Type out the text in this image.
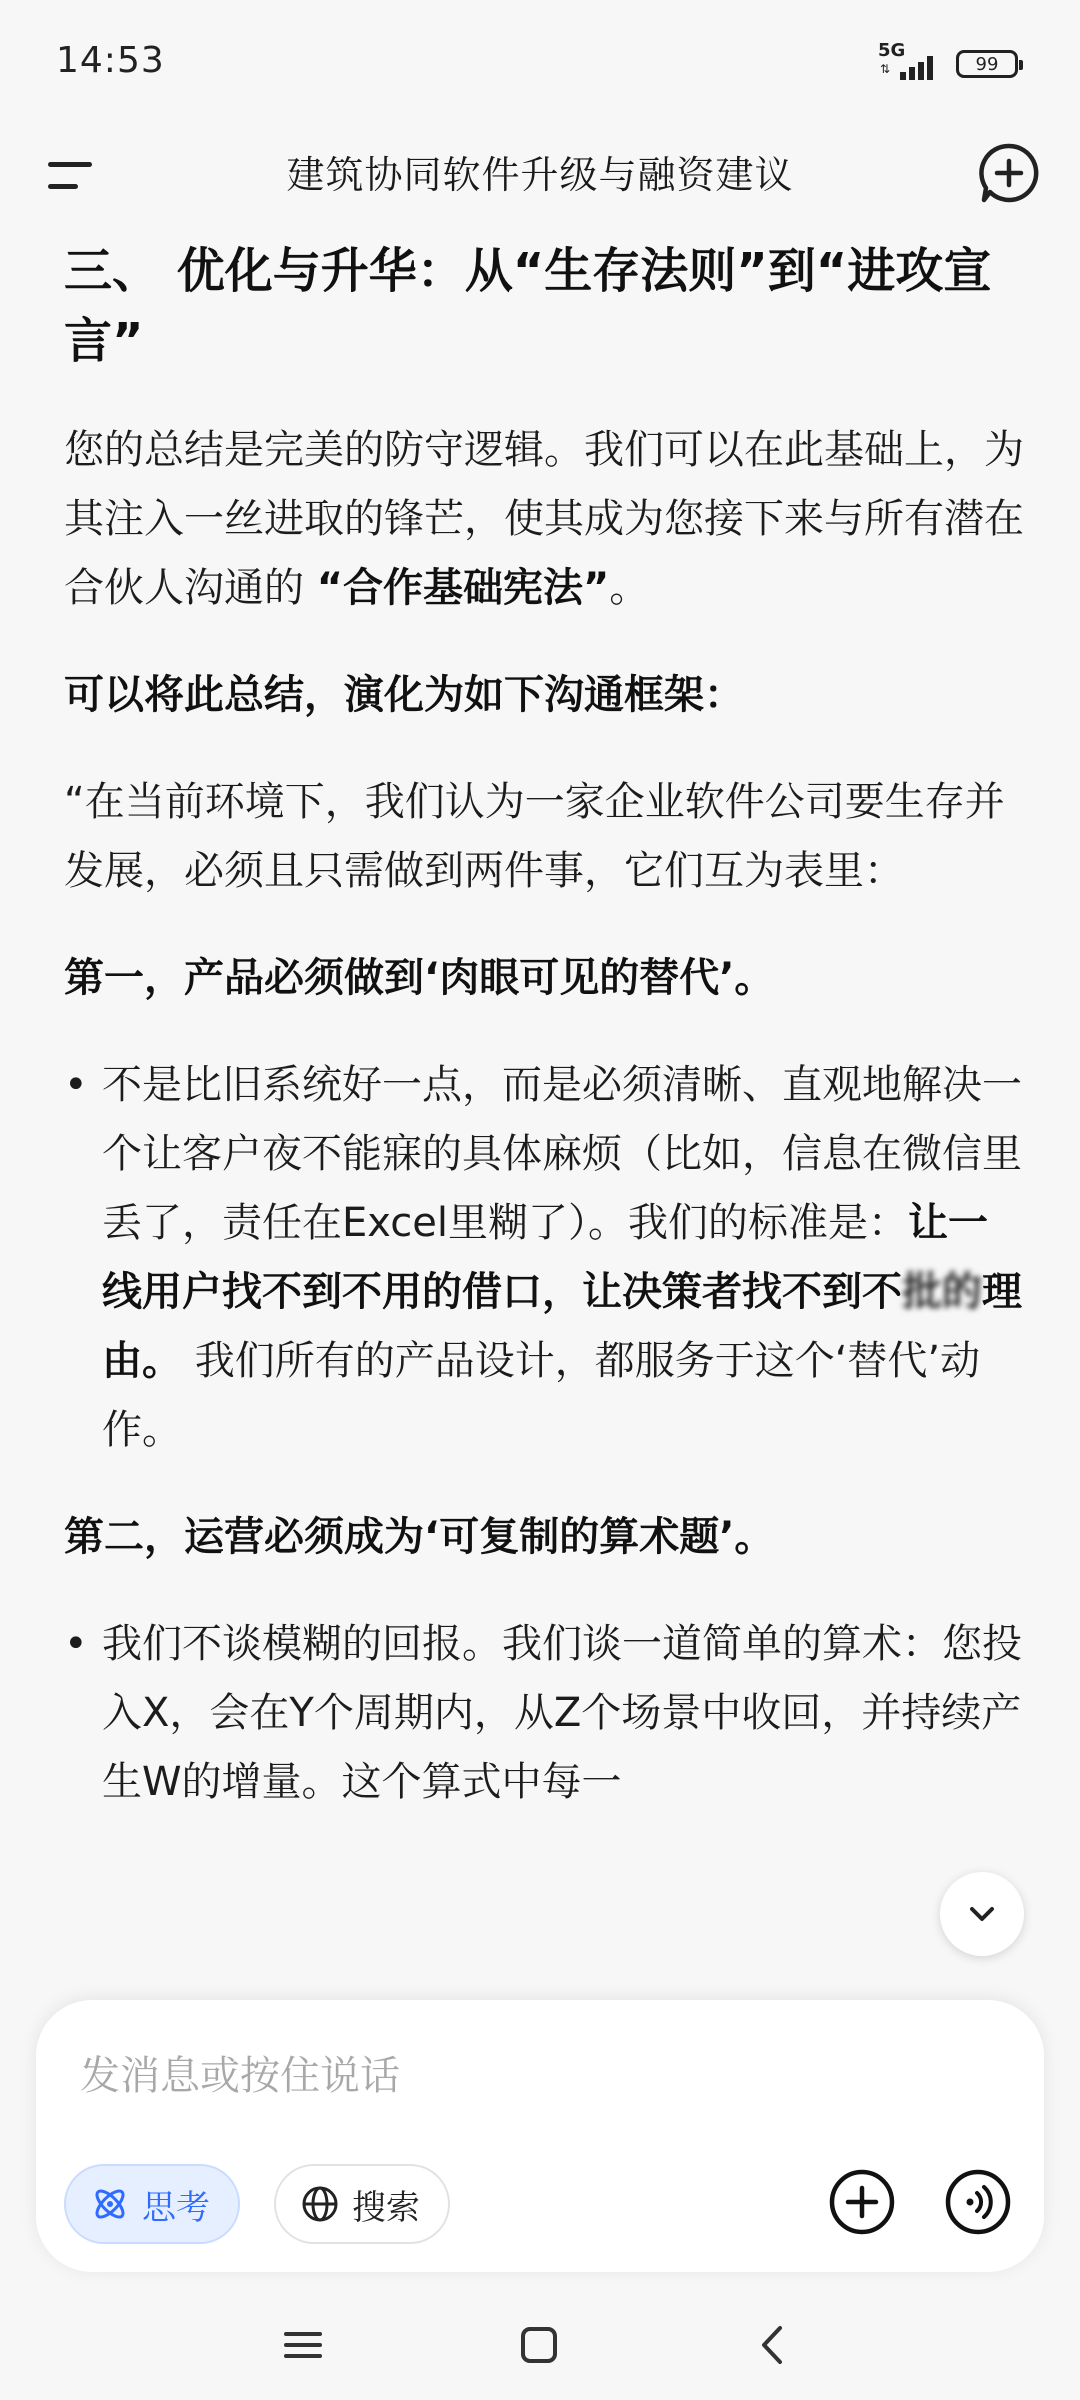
14:53	5G
⇅	99
建筑协同软件升级与融资建议
三、 优化与升华：从“生存法则”到“进攻宣言”
您的总结是完美的防守逻辑。我们可以在此基础上，为其注入一丝进取的锋芒，使其成为您接下来与所有潜在合伙人沟通的 “合作基础宪法”。
可以将此总结，演化为如下沟通框架：
“在当前环境下，我们认为一家企业软件公司要生存并发展，必须且只需做到两件事，它们互为表里：
第一，产品必须做到‘肉眼可见的替代’。
• 不是比旧系统好一点，而是必须清晰、直观地解决一个让客户夜不能寐的具体麻烦（比如，信息在微信里丢了，责任在Excel里糊了）。我们的标准是：让一线用户找不到不用的借口，让决策者找不到不批的理由。 我们所有的产品设计，都服务于这个‘替代’动作。
第二，运营必须成为‘可复制的算术题’。
• 我们不谈模糊的回报。我们谈一道简单的算术：您投入X，会在Y个周期内，从Z个场景中收回，并持续产生W的增量。这个算式中每一
发消息或按住说话
思考	搜索
